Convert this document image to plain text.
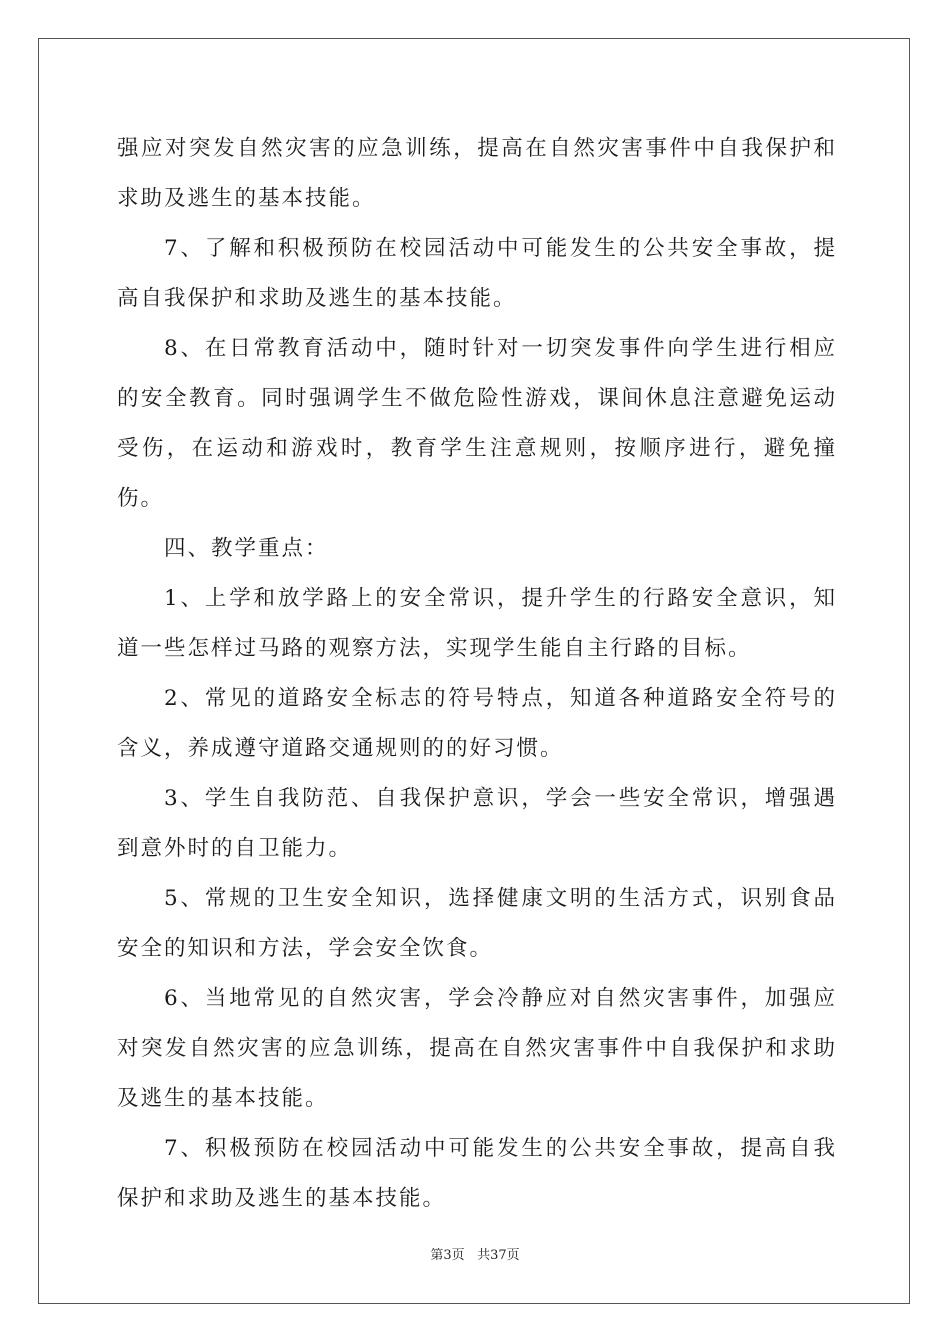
强应对突发自然灾害的应急训练，提高在自然灾害事件中自我保护和求助及逃生的基本技能。

7、了解和积极预防在校园活动中可能发生的公共安全事故，提高自我保护和求助及逃生的基本技能。

8、在日常教育活动中，随时针对一切突发事件向学生进行相应的安全教育。同时强调学生不做危险性游戏，课间休息注意避免运动受伤，在运动和游戏时，教育学生注意规则，按顺序进行，避免撞伤。

四、教学重点：

1、上学和放学路上的安全常识，提升学生的行路安全意识，知道一些怎样过马路的观察方法，实现学生能自主行路的目标。

2、常见的道路安全标志的符号特点，知道各种道路安全符号的含义，养成遵守道路交通规则的的好习惯。

3、学生自我防范、自我保护意识，学会一些安全常识，增强遇到意外时的自卫能力。

5、常规的卫生安全知识，选择健康文明的生活方式，识别食品安全的知识和方法，学会安全饮食。

6、当地常见的自然灾害，学会冷静应对自然灾害事件，加强应对突发自然灾害的应急训练，提高在自然灾害事件中自我保护和求助及逃生的基本技能。

7、积极预防在校园活动中可能发生的公共安全事故，提高自我保护和求助及逃生的基本技能。

第3页 共37页
